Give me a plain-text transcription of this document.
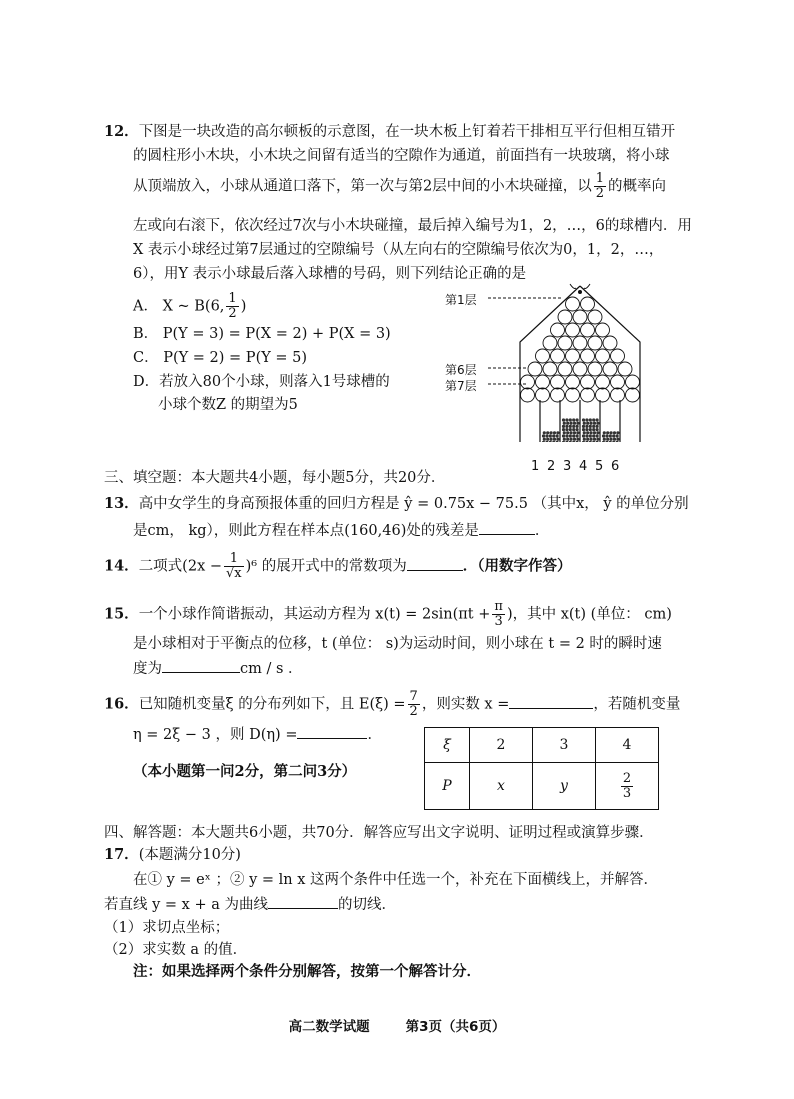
12．下图是一块改造的高尔顿板的示意图，在一块木板上钉着若干排相互平行但相互错开
的圆柱形小木块，小木块之间留有适当的空隙作为通道，前面挡有一块玻璃，将小球
从顶端放入，小球从通道口落下，第一次与第2层中间的小木块碰撞，以 $\frac{1}{2}$ 的概率向
左或向右滚下，依次经过7次与小木块碰撞，最后掉入编号为1，2，…，6的球槽内．用
X 表示小球经过第7层通过的空隙编号（从左向右的空隙编号依次为0，1，2，…，
6），用Y 表示小球最后落入球槽的号码，则下列结论正确的是
A． X ~ B(6, $\frac{1}{2}$ )
B． P(Y = 3) = P(X = 2) + P(X = 3)
C． P(Y = 2) = P(Y = 5)
D．若放入80个小球，则落入1号球槽的
小球个数Z 的期望为5
第1层
第6层
第7层
1 2 3 4 5 6
三、填空题：本大题共4小题，每小题5分，共20分．
13．高中女学生的身高预报体重的回归方程是 ŷ = 0.75x − 75.5 （其中x， ŷ 的单位分别
是cm， kg），则此方程在样本点(160,46)处的残差是	．
14．二项式$(2x - \frac{1}{√x} )^6$ 的展开式中的常数项为	．（用数字作答）
15．一个小球作简谐振动，其运动方程为 $x(t) = 2\sin(\pi t + \frac{\pi}{3}$ )，其中 x(t) (单位： cm)
是小球相对于平衡点的位移，t (单位： s)为运动时间，则小球在 t = 2 时的瞬时速
度为	cm / s ．
16．已知随机变量ξ 的分布列如下，且 $E(\xi) = \frac{7}{2}$ ，则实数 x =	，若随机变量
η = 2ξ − 3 ，则 D(η) =	．
（本小题第一问2分，第二问3分）
ξ	2	3	4
P	x	y	$\frac{2}{3}$
四、解答题：本大题共6小题，共70分．解答应写出文字说明、证明过程或演算步骤．
17．(本题满分10分)
在① y = eˣ ；② y = ln x 这两个条件中任选一个，补充在下面横线上，并解答．
若直线 y = x + a 为曲线	的切线．
（1）求切点坐标；
（2）求实数 a 的值．
注：如果选择两个条件分别解答，按第一个解答计分．
高二数学试题	第3页（共6页）
